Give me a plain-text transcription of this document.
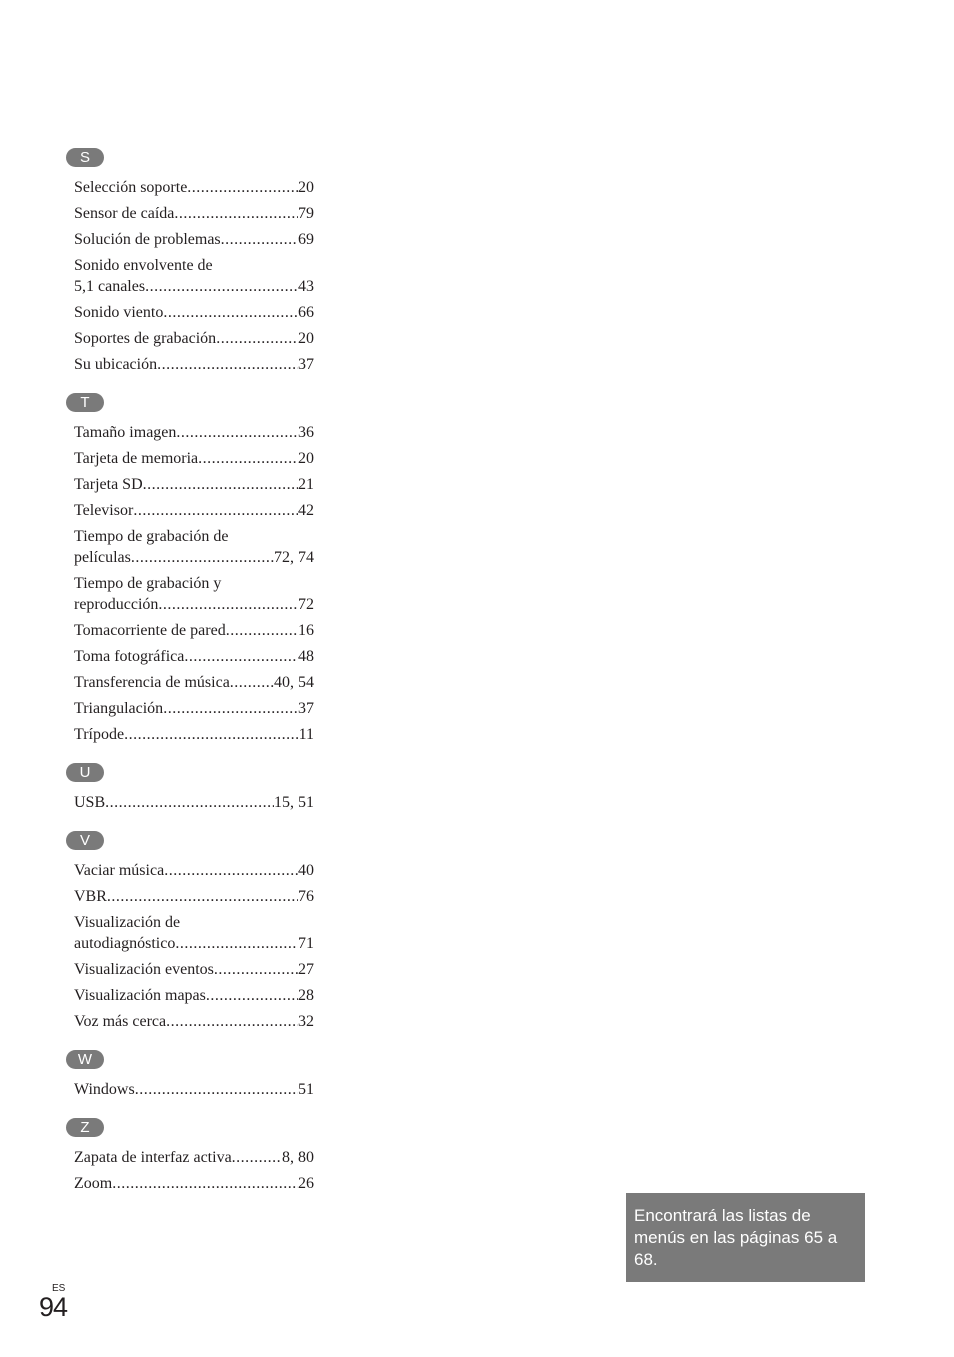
S
Selección soporte .....	20
Sensor de caída .....	79
Solución de problemas .....	69
Sonido envolvente de
5,1 canales .....	43
Sonido viento .....	66
Soportes de grabación .....	20
Su ubicación .....	37
T
Tamaño imagen .....	36
Tarjeta de memoria .....	20
Tarjeta SD .....	21
Televisor .....	42
Tiempo de grabación de
películas .....	72, 74
Tiempo de grabación y
reproducción .....	72
Tomacorriente de pared .....	16
Toma fotográfica .....	48
Transferencia de música .....	40, 54
Triangulación .....	37
Trípode .....	11
U
USB .....	15, 51
V
Vaciar música .....	40
VBR .....	76
Visualización de
autodiagnóstico .....	71
Visualización eventos .....	27
Visualización mapas .....	28
Voz más cerca .....	32
W
Windows .....	51
Z
Zapata de interfaz activa .....	8, 80
Zoom .....	26
Encontrará las listas de menús en las páginas 65 a 68.
ES
94
